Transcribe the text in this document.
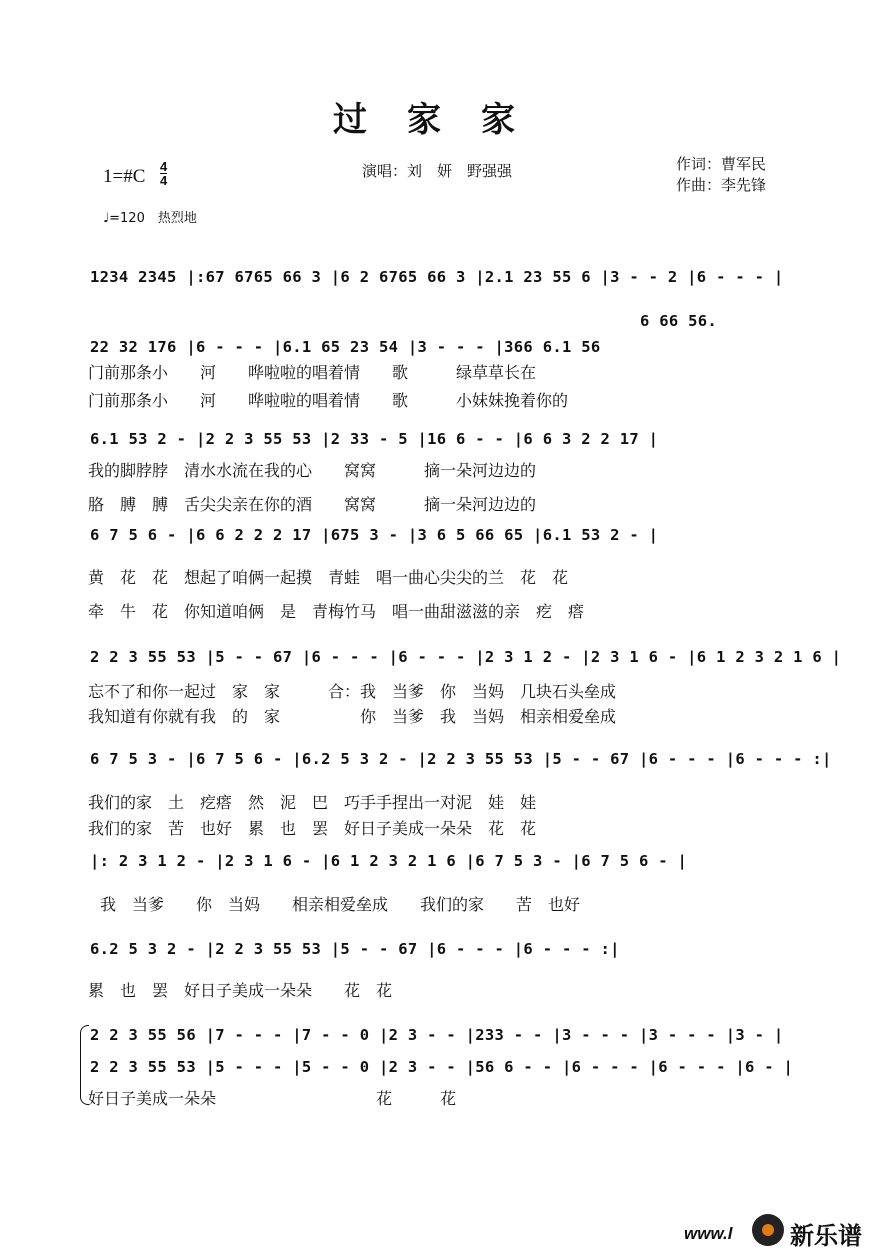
过家家
1=#C 4
4
演唱：刘　妍　野强强	作词：曹军民
作曲：李先锋
♩=120　热烈地
1234 2345 |:67 6765 66 3 |6 2 6765 66 3 |2.1 23 55 6 |3 - - 2 |6 - - - |
6 66 56.
22 32 176 |6 - - - |6.1 65 23 54 |3 - - - |366 6.1 56
门前那条小　　河　　哗啦啦的唱着情　　歌　　　绿草草长在
门前那条小　　河　　哗啦啦的唱着情　　歌　　　小妹妹挽着你的
6.1 53 2 - |2 2 3 55 53 |2 33 - 5 |16 6 - - |6 6 3 2 2 17 |
我的脚脖脖　清水水流在我的心　　窝窝　　　摘一朵河边边的
胳　膊　膊　舌尖尖亲在你的酒　　窝窝　　　摘一朵河边边的
6 7 5 6 - |6 6 2 2 2 17 |675 3 - |3 6 5 66 65 |6.1 53 2 - |
黄　花　花　想起了咱俩一起摸　青蛙　唱一曲心尖尖的兰　花　花
牵　牛　花　你知道咱俩　是　青梅竹马　唱一曲甜滋滋的亲　疙　瘩
2 2 3 55 53 |5 - - 67 |6 - - - |6 - - - |2 3 1 2 - |2 3 1 6 - |6 1 2 3 2 1 6 |
忘不了和你一起过　家　家　　　合：我　当爹　你　当妈　几块石头垒成
我知道有你就有我　的　家　　　　　你　当爹　我　当妈　相亲相爱垒成
6 7 5 3 - |6 7 5 6 - |6.2 5 3 2 - |2 2 3 55 53 |5 - - 67 |6 - - - |6 - - - :|
我们的家　土　疙瘩　然　泥　巴　巧手手捏出一对泥　娃　娃
我们的家　苦　也好　累　也　罢　好日子美成一朵朵　花　花
|: 2 3 1 2 - |2 3 1 6 - |6 1 2 3 2 1 6 |6 7 5 3 - |6 7 5 6 - |
我　当爹　　你　当妈　　相亲相爱垒成　　我们的家　　苦　也好
6.2 5 3 2 - |2 2 3 55 53 |5 - - 67 |6 - - - |6 - - - :|
累　也　罢　好日子美成一朵朵　　花　花
2 2 3 55 56 |7 - - - |7 - - 0 |2 3 - - |233 - - |3 - - - |3 - - - |3 - |
2 2 3 55 53 |5 - - - |5 - - 0 |2 3 - - |56 6 - - |6 - - - |6 - - - |6 - |
好日子美成一朵朵　　　　　　　　　　花　　　花
www.l 新乐谱
